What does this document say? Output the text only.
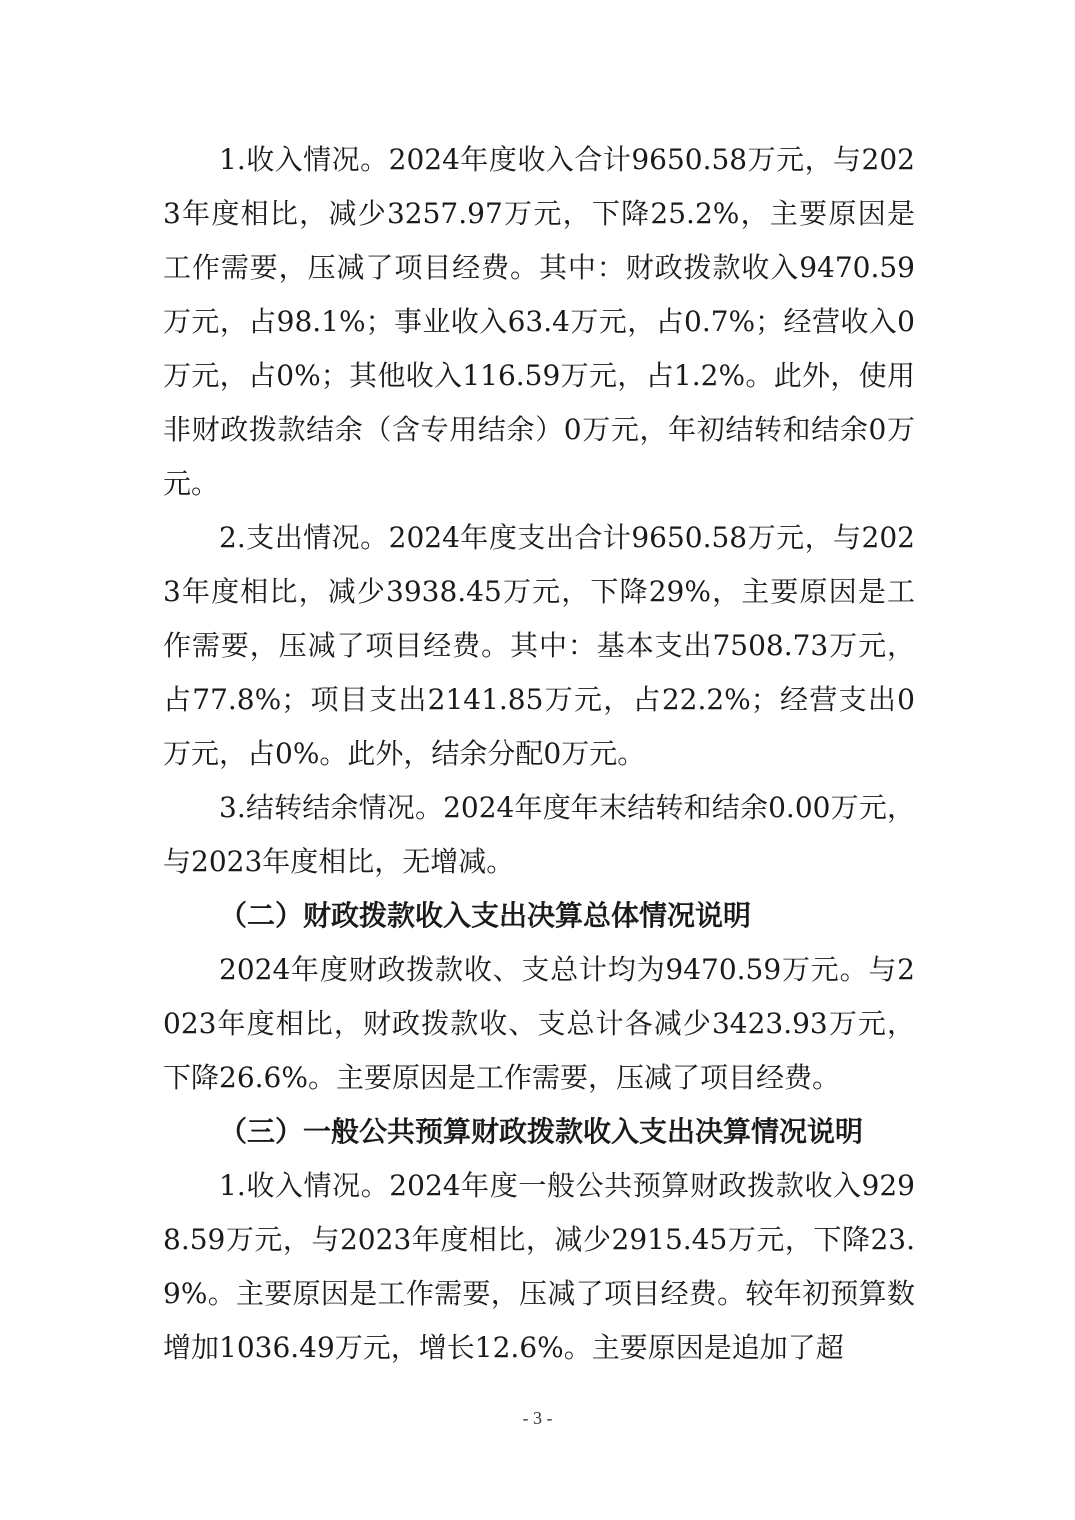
1.收入情况。2024年度收入合计9650.58万元，与2023年度相比，减少3257.97万元，下降25.2%，主要原因是工作需要，压减了项目经费。其中：财政拨款收入9470.59万元，占98.1%；事业收入63.4万元，占0.7%；经营收入0万元，占0%；其他收入116.59万元，占1.2%。此外，使用非财政拨款结余（含专用结余）0万元，年初结转和结余0万元。

2.支出情况。2024年度支出合计9650.58万元，与2023年度相比，减少3938.45万元，下降29%，主要原因是工作需要，压减了项目经费。其中：基本支出7508.73万元，占77.8%；项目支出2141.85万元，占22.2%；经营支出0万元，占0%。此外，结余分配0万元。

3.结转结余情况。2024年度年末结转和结余0.00万元，与2023年度相比，无增减。

（二）财政拨款收入支出决算总体情况说明

2024年度财政拨款收、支总计均为9470.59万元。与2023年度相比，财政拨款收、支总计各减少3423.93万元，下降26.6%。主要原因是工作需要，压减了项目经费。

（三）一般公共预算财政拨款收入支出决算情况说明

1.收入情况。2024年度一般公共预算财政拨款收入9298.59万元，与2023年度相比，减少2915.45万元，下降23.9%。主要原因是工作需要，压减了项目经费。较年初预算数增加1036.49万元，增长12.6%。主要原因是追加了超

- 3 -
